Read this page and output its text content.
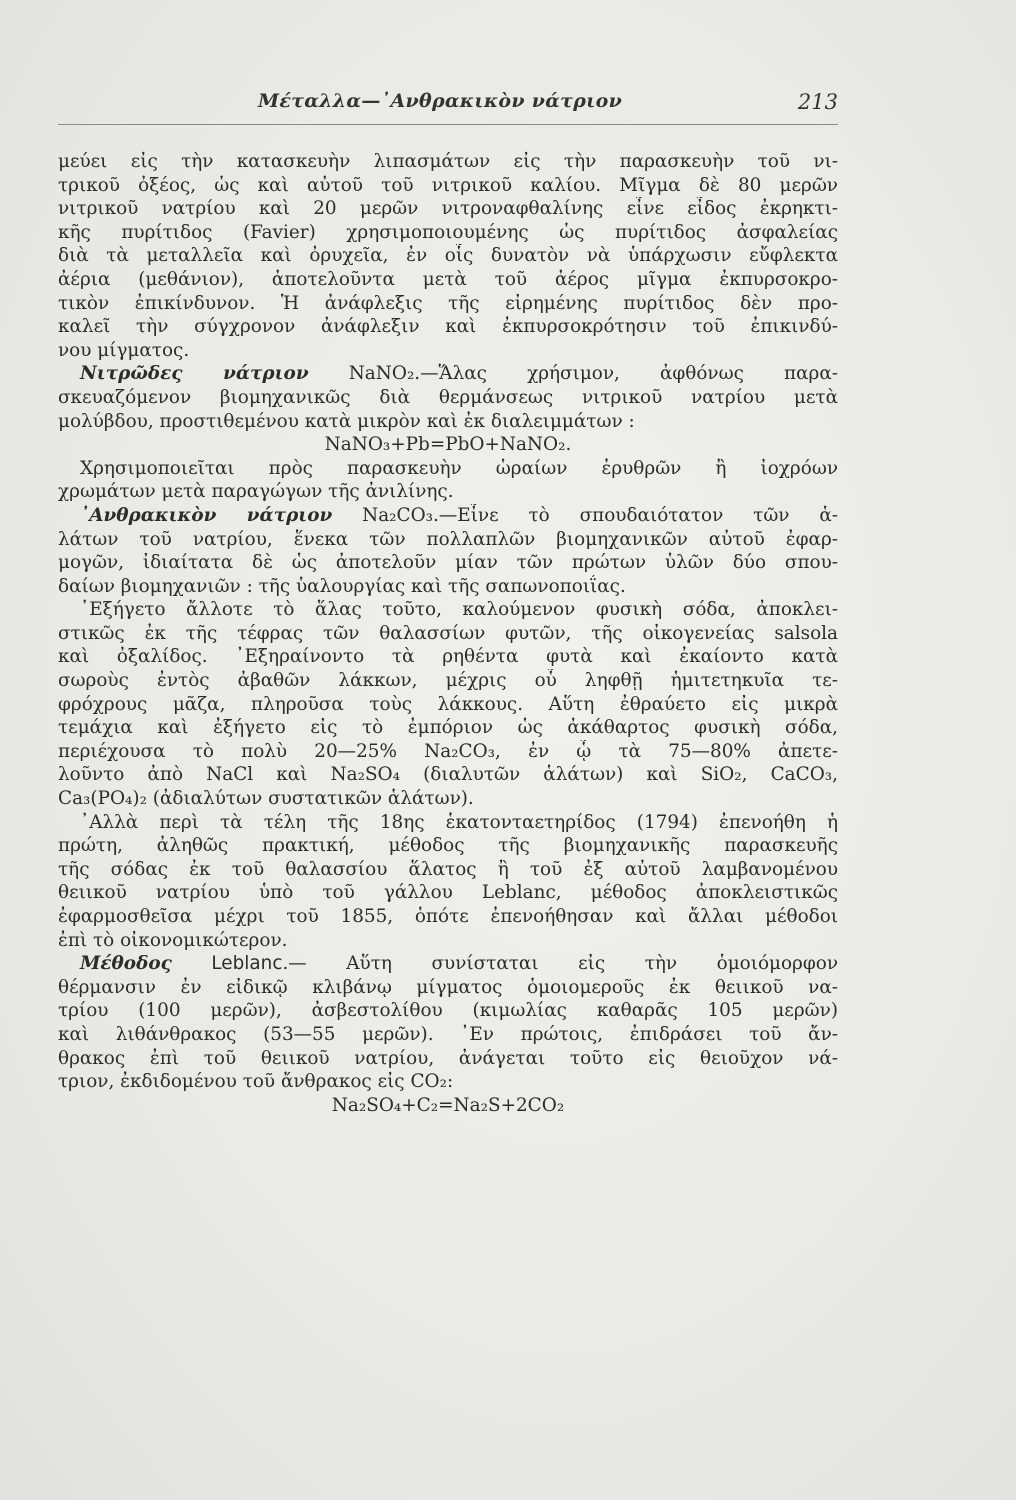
Μέταλλα—᾿Ανθρακικὸν νάτριον	213
μεύει εἰς τὴν κατασκευὴν λιπασμάτων εἰς τὴν παρασκευὴν τοῦ νι-
τρικοῦ ὀξέος, ὡς καὶ αὐτοῦ τοῦ νιτρικοῦ καλίου. Μῖγμα δὲ 80 μερῶν
νιτρικοῦ νατρίου καὶ 20 μερῶν νιτροναφθαλίνης εἶνε εἶδος ἐκρηκτι-
κῆς πυρίτιδος (Favier) χρησιμοποιουμένης ὡς πυρίτιδος ἀσφαλείας
διὰ τὰ μεταλλεῖα καὶ ὀρυχεῖα, ἐν οἷς δυνατὸν νὰ ὑπάρχωσιν εὔφλεκτα
ἀέρια (μεθάνιον), ἀποτελοῦντα μετὰ τοῦ ἀέρος μῖγμα ἐκπυρσοκρο-
τικὸν ἐπικίνδυνον. Ἡ ἀνάφλεξις τῆς εἰρημένης πυρίτιδος δὲν προ-
καλεῖ τὴν σύγχρονον ἀνάφλεξιν καὶ ἐκπυρσοκρότησιν τοῦ ἐπικινδύ-
νου μίγματος.
Νιτρῶδες νάτριον NaNO₂.—Ἅλας χρήσιμον, ἀφθόνως παρα-
σκευαζόμενον βιομηχανικῶς διὰ θερμάνσεως νιτρικοῦ νατρίου μετὰ
μολύβδου, προστιθεμένου κατὰ μικρὸν καὶ ἐκ διαλειμμάτων :
NaNO₃+Pb=PbO+NaNO₂.
Χρησιμοποιεῖται πρὸς παρασκευὴν ὡραίων ἐρυθρῶν ἢ ἰοχρόων
χρωμάτων μετὰ παραγώγων τῆς ἀνιλίνης.
᾿Ανθρακικὸν νάτριον Na₂CO₃.—Εἶνε τὸ σπουδαιότατον τῶν ἁ-
λάτων τοῦ νατρίου, ἕνεκα τῶν πολλαπλῶν βιομηχανικῶν αὐτοῦ ἐφαρ-
μογῶν, ἰδιαίτατα δὲ ὡς ἀποτελοῦν μίαν τῶν πρώτων ὑλῶν δύο σπου-
δαίων βιομηχανιῶν : τῆς ὑαλουργίας καὶ τῆς σαπωνοποιΐας.
᾿Εξήγετο ἄλλοτε τὸ ἅλας τοῦτο, καλούμενον φυσικὴ σόδα, ἀποκλει-
στικῶς ἐκ τῆς τέφρας τῶν θαλασσίων φυτῶν, τῆς οἰκογενείας salsola
καὶ ὀξαλίδος. ᾿Εξηραίνοντο τὰ ρηθέντα φυτὰ καὶ ἐκαίοντο κατὰ
σωροὺς ἐντὸς ἀβαθῶν λάκκων, μέχρις οὗ ληφθῇ ἡμιτετηκυῖα τε-
φρόχρους μᾶζα, πληροῦσα τοὺς λάκκους. Αὕτη ἐθραύετο εἰς μικρὰ
τεμάχια καὶ ἐξήγετο εἰς τὸ ἐμπόριον ὡς ἀκάθαρτος φυσικὴ σόδα,
περιέχουσα τὸ πολὺ 20—25% Na₂CO₃, ἐν ᾧ τὰ 75—80% ἀπετε-
λοῦντο ἀπὸ NaCl καὶ Na₂SO₄ (διαλυτῶν ἁλάτων) καὶ SiO₂, CaCO₃,
Ca₃(PO₄)₂ (ἀδιαλύτων συστατικῶν ἁλάτων).
᾿Αλλὰ περὶ τὰ τέλη τῆς 18ης ἑκατονταετηρίδος (1794) ἐπενοήθη ἡ
πρώτη, ἀληθῶς πρακτική, μέθοδος τῆς βιομηχανικῆς παρασκευῆς
τῆς σόδας ἐκ τοῦ θαλασσίου ἅλατος ἢ τοῦ ἐξ αὐτοῦ λαμβανομένου
θειικοῦ νατρίου ὑπὸ τοῦ γάλλου Leblanc, μέθοδος ἀποκλειστικῶς
ἐφαρμοσθεῖσα μέχρι τοῦ 1855, ὁπότε ἐπενοήθησαν καὶ ἄλλαι μέθοδοι
ἐπὶ τὸ οἰκονομικώτερον.
Μέθοδος Leblanc.— Αὕτη συνίσταται εἰς τὴν ὁμοιόμορφον
θέρμανσιν ἐν εἰδικῷ κλιβάνῳ μίγματος ὁμοιομεροῦς ἐκ θειικοῦ να-
τρίου (100 μερῶν), ἀσβεστολίθου (κιμωλίας καθαρᾶς 105 μερῶν)
καὶ λιθάνθρακος (53—55 μερῶν). ᾿Εν πρώτοις, ἐπιδράσει τοῦ ἄν-
θρακος ἐπὶ τοῦ θειικοῦ νατρίου, ἀνάγεται τοῦτο εἰς θειοῦχον νά-
τριον, ἐκδιδομένου τοῦ ἄνθρακος εἰς CO₂:
Na₂SO₄+C₂=Na₂S+2CO₂
